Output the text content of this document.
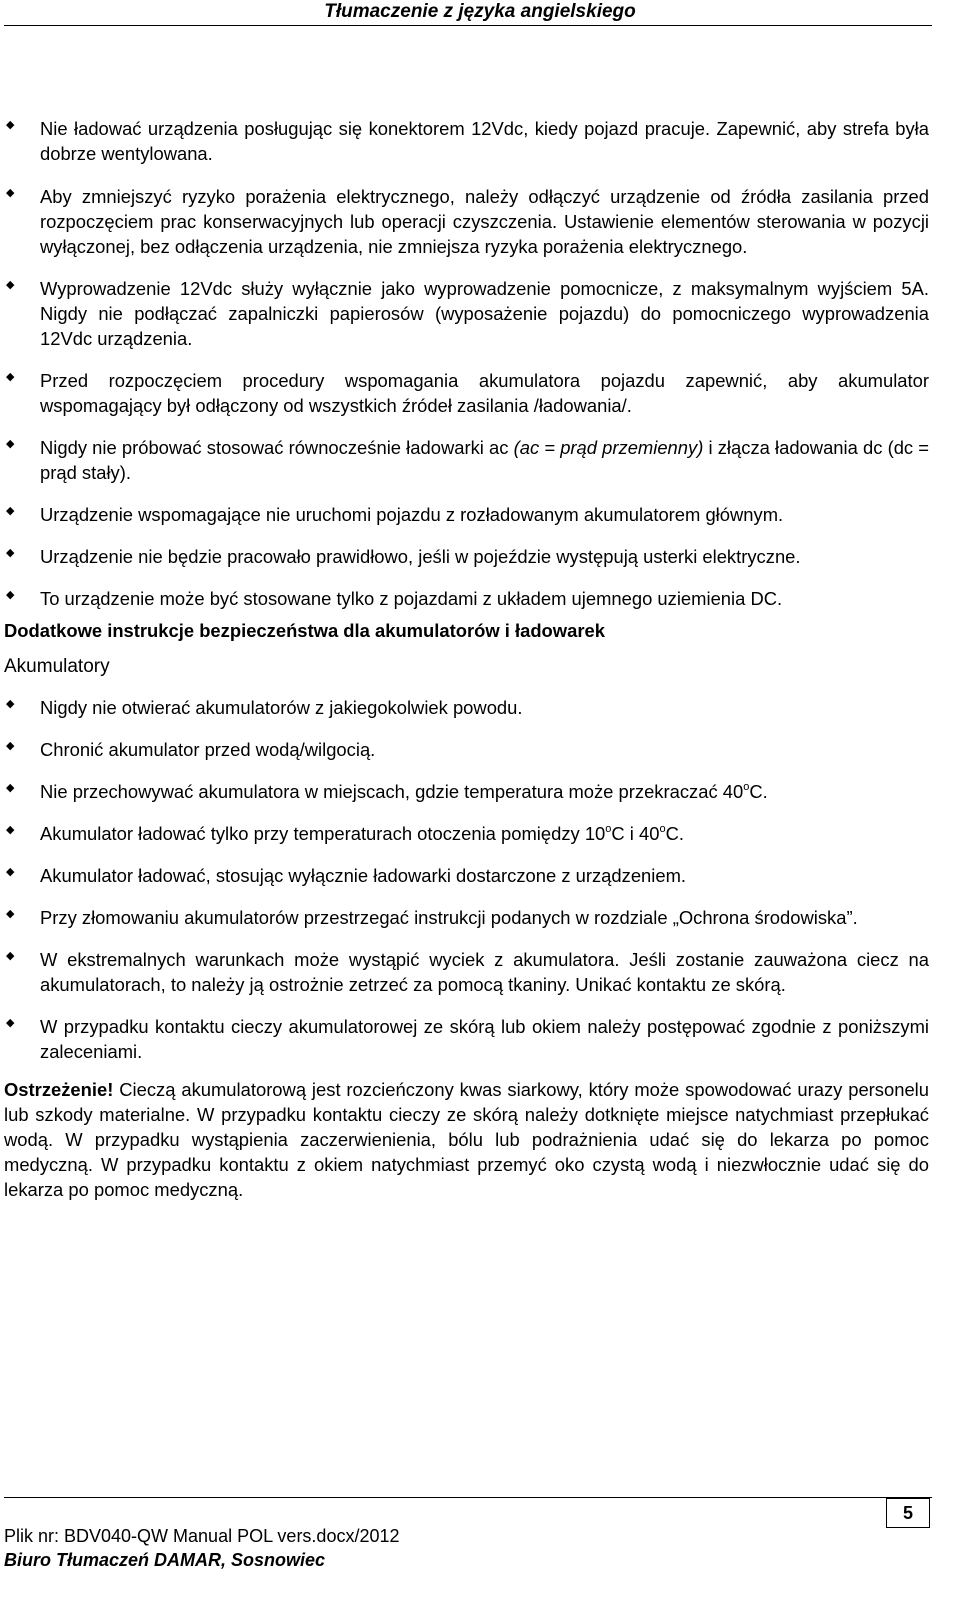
Tłumaczenie z języka angielskiego
◆ Nie ładować urządzenia posługując się konektorem 12Vdc, kiedy pojazd pracuje. Zapewnić, aby strefa była dobrze wentylowana.
◆ Aby zmniejszyć ryzyko porażenia elektrycznego, należy odłączyć urządzenie od źródła zasilania przed rozpoczęciem prac konserwacyjnych lub operacji czyszczenia. Ustawienie elementów sterowania w pozycji wyłączonej, bez odłączenia urządzenia, nie zmniejsza ryzyka porażenia elektrycznego.
◆ Wyprowadzenie 12Vdc służy wyłącznie jako wyprowadzenie pomocnicze, z maksymalnym wyjściem 5A. Nigdy nie podłączać zapalniczki papierosów (wyposażenie pojazdu) do pomocniczego wyprowadzenia 12Vdc urządzenia.
◆ Przed rozpoczęciem procedury wspomagania akumulatora pojazdu zapewnić, aby akumulator wspomagający był odłączony od wszystkich źródeł zasilania /ładowania/.
◆ Nigdy nie próbować stosować równocześnie ładowarki ac (ac = prąd przemienny) i złącza ładowania dc (dc = prąd stały).
◆ Urządzenie wspomagające nie uruchomi pojazdu z rozładowanym akumulatorem głównym.
◆ Urządzenie nie będzie pracowało prawidłowo, jeśli w pojeździe występują usterki elektryczne.
◆ To urządzenie może być stosowane tylko z pojazdami z układem ujemnego uziemienia DC.

Dodatkowe instrukcje bezpieczeństwa dla akumulatorów i ładowarek

Akumulatory

◆ Nigdy nie otwierać akumulatorów z jakiegokolwiek powodu.
◆ Chronić akumulator przed wodą/wilgocią.
◆ Nie przechowywać akumulatora w miejscach, gdzie temperatura może przekraczać 40$^o$C.
◆ Akumulator ładować tylko przy temperaturach otoczenia pomiędzy 10$^o$C i 40$^o$C.
◆ Akumulator ładować, stosując wyłącznie ładowarki dostarczone z urządzeniem.
◆ Przy złomowaniu akumulatorów przestrzegać instrukcji podanych w rozdziale „Ochrona środowiska”.
◆ W ekstremalnych warunkach może wystąpić wyciek z akumulatora. Jeśli zostanie zauważona ciecz na akumulatorach, to należy ją ostrożnie zetrzeć za pomocą tkaniny. Unikać kontaktu ze skórą.
◆ W przypadku kontaktu cieczy akumulatorowej ze skórą lub okiem należy postępować zgodnie z poniższymi zaleceniami.

Ostrzeżenie! Cieczą akumulatorową jest rozcieńczony kwas siarkowy, który może spowodować urazy personelu lub szkody materialne. W przypadku kontaktu cieczy ze skórą należy dotknięte miejsce natychmiast przepłukać wodą. W przypadku wystąpienia zaczerwienienia, bólu lub podrażnienia udać się do lekarza po pomoc medyczną. W przypadku kontaktu z okiem natychmiast przemyć oko czystą wodą i niezwłocznie udać się do lekarza po pomoc medyczną.

5
Plik nr: BDV040-QW Manual POL vers.docx/2012
Biuro Tłumaczeń DAMAR, Sosnowiec
